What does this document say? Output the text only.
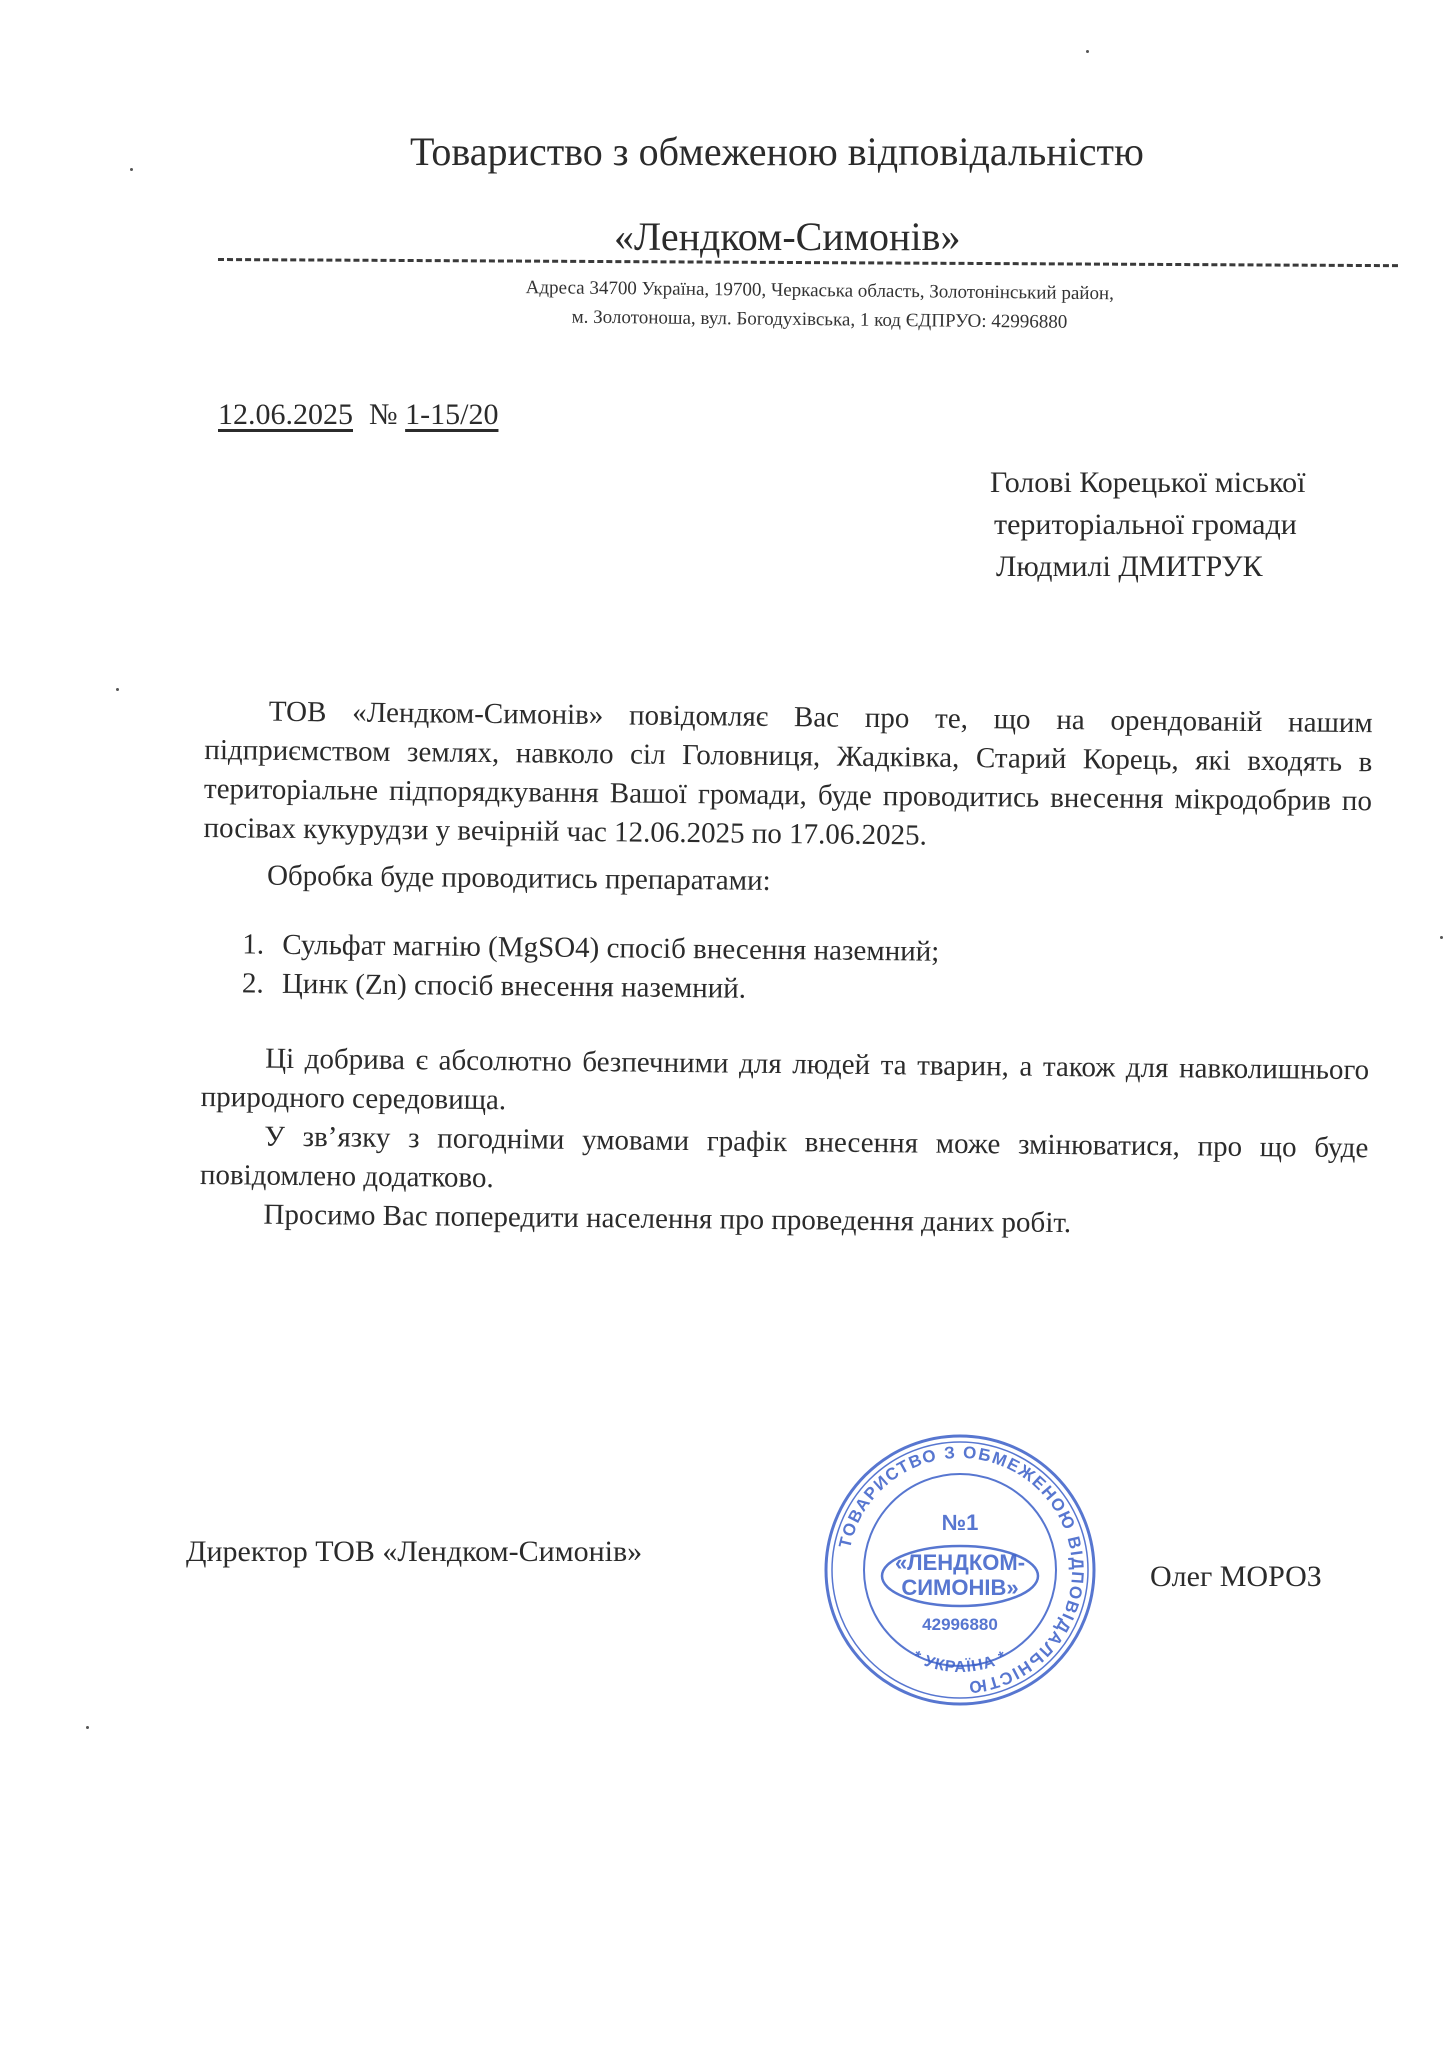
Товариство з обмеженою відповідальністю
«Лендком-Симонів»
Адреса 34700 Україна, 19700, Черкаська область, Золотонінський район,
м. Золотоноша, вул. Богодухівська, 1 код ЄДПРУО: 42996880
12.06.2025 № 1-15/20
Голові Корецької міської
територіальної громади
Людмилі ДМИТРУК

ТОВ «Лендком-Симонів» повідомляє Вас про те, що на орендованій нашим підприємством землях, навколо сіл Головниця, Жадківка, Старий Корець, які входять в територіальне підпорядкування Вашої громади, буде проводитись внесення мікродобрив по посівах кукурудзи у вечірній час 12.06.2025 по 17.06.2025.

Обробка буде проводитись препаратами:

1. Сульфат магнію (MgSO4) спосіб внесення наземний;
2. Цинк (Zn) спосіб внесення наземний.

Ці добрива є абсолютно безпечними для людей та тварин, а також для навколишнього природного середовища.

У зв’язку з погодніми умовами графік внесення може змінюватися, про що буде повідомлено додатково.

Просимо Вас попередити населення про проведення даних робіт.

Директор ТОВ «Лендком-Симонів»
Олег МОРОЗ
ТОВАРИСТВО З ОБМЕЖЕНОЮ ВІДПОВІДАЛЬНІСТЮ
* УКРАЇНА *
№1
«ЛЕНДКОМ-
СИМОНІВ»
42996880
